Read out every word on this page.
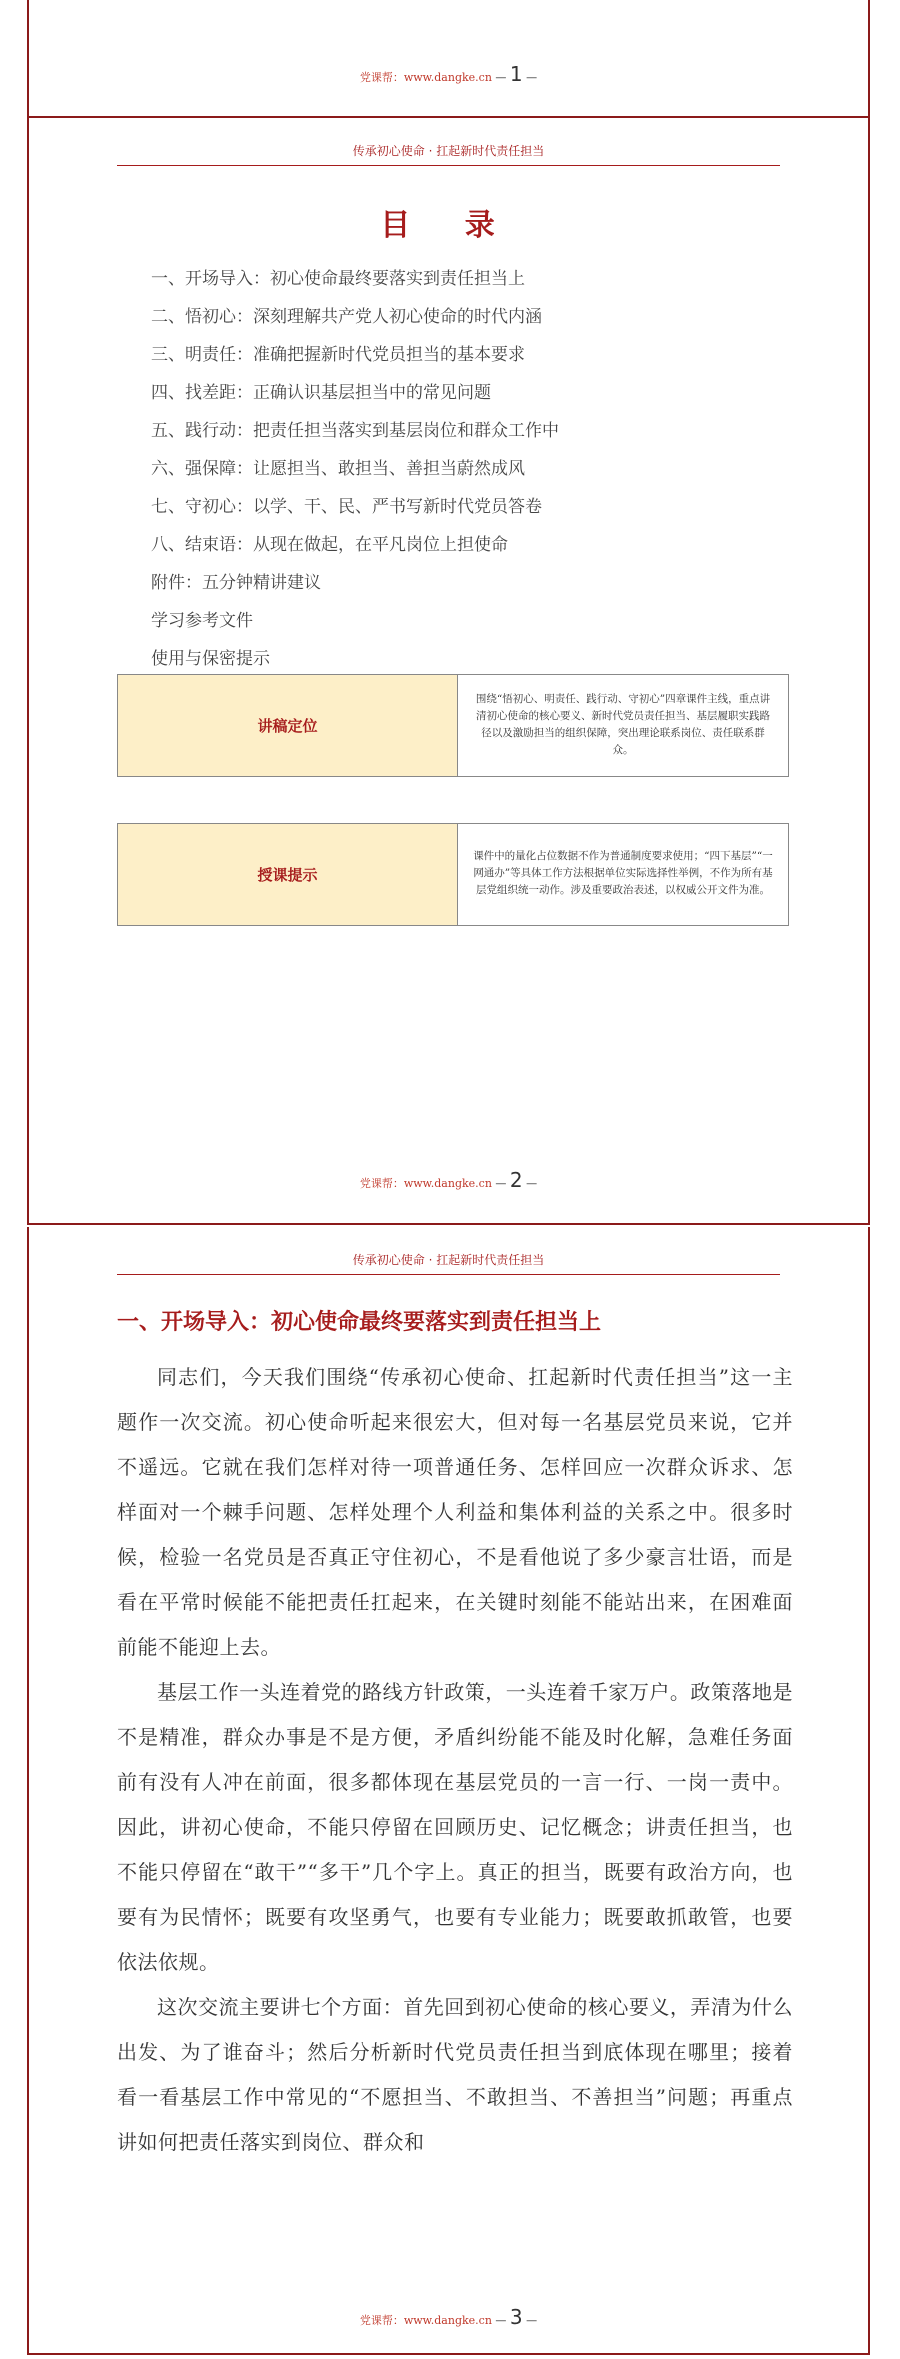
党课帮：www.dangke.cn — 1 —
传承初心使命 · 扛起新时代责任担当
目 录
一、开场导入：初心使命最终要落实到责任担当上
二、悟初心：深刻理解共产党人初心使命的时代内涵
三、明责任：准确把握新时代党员担当的基本要求
四、找差距：正确认识基层担当中的常见问题
五、践行动：把责任担当落实到基层岗位和群众工作中
六、强保障：让愿担当、敢担当、善担当蔚然成风
七、守初心：以学、干、民、严书写新时代党员答卷
八、结束语：从现在做起，在平凡岗位上担使命
附件：五分钟精讲建议
学习参考文件
使用与保密提示
讲稿定位	围绕“悟初心、明责任、践行动、守初心”四章课件主线，重点讲清初心使命的核心要义、新时代党员责任担当、基层履职实践路径以及激励担当的组织保障，突出理论联系岗位、责任联系群众。
授课提示	课件中的量化占位数据不作为普通制度要求使用；“四下基层”“一网通办”等具体工作方法根据单位实际选择性举例，不作为所有基层党组织统一动作。涉及重要政治表述，以权威公开文件为准。
党课帮：www.dangke.cn — 2 —
传承初心使命 · 扛起新时代责任担当
一、开场导入：初心使命最终要落实到责任担当上

同志们，今天我们围绕“传承初心使命、扛起新时代责任担当”这一主题作一次交流。初心使命听起来很宏大，但对每一名基层党员来说，它并不遥远。它就在我们怎样对待一项普通任务、怎样回应一次群众诉求、怎样面对一个棘手问题、怎样处理个人利益和集体利益的关系之中。很多时候，检验一名党员是否真正守住初心，不是看他说了多少豪言壮语，而是看在平常时候能不能把责任扛起来，在关键时刻能不能站出来，在困难面前能不能迎上去。

基层工作一头连着党的路线方针政策，一头连着千家万户。政策落地是不是精准，群众办事是不是方便，矛盾纠纷能不能及时化解，急难任务面前有没有人冲在前面，很多都体现在基层党员的一言一行、一岗一责中。因此，讲初心使命，不能只停留在回顾历史、记忆概念；讲责任担当，也不能只停留在“敢干”“多干”几个字上。真正的担当，既要有政治方向，也要有为民情怀；既要有攻坚勇气，也要有专业能力；既要敢抓敢管，也要依法依规。

这次交流主要讲七个方面：首先回到初心使命的核心要义，弄清为什么出发、为了谁奋斗；然后分析新时代党员责任担当到底体现在哪里；接着看一看基层工作中常见的“不愿担当、不敢担当、不善担当”问题；再重点讲如何把责任落实到岗位、群众和

党课帮：www.dangke.cn — 3 —
